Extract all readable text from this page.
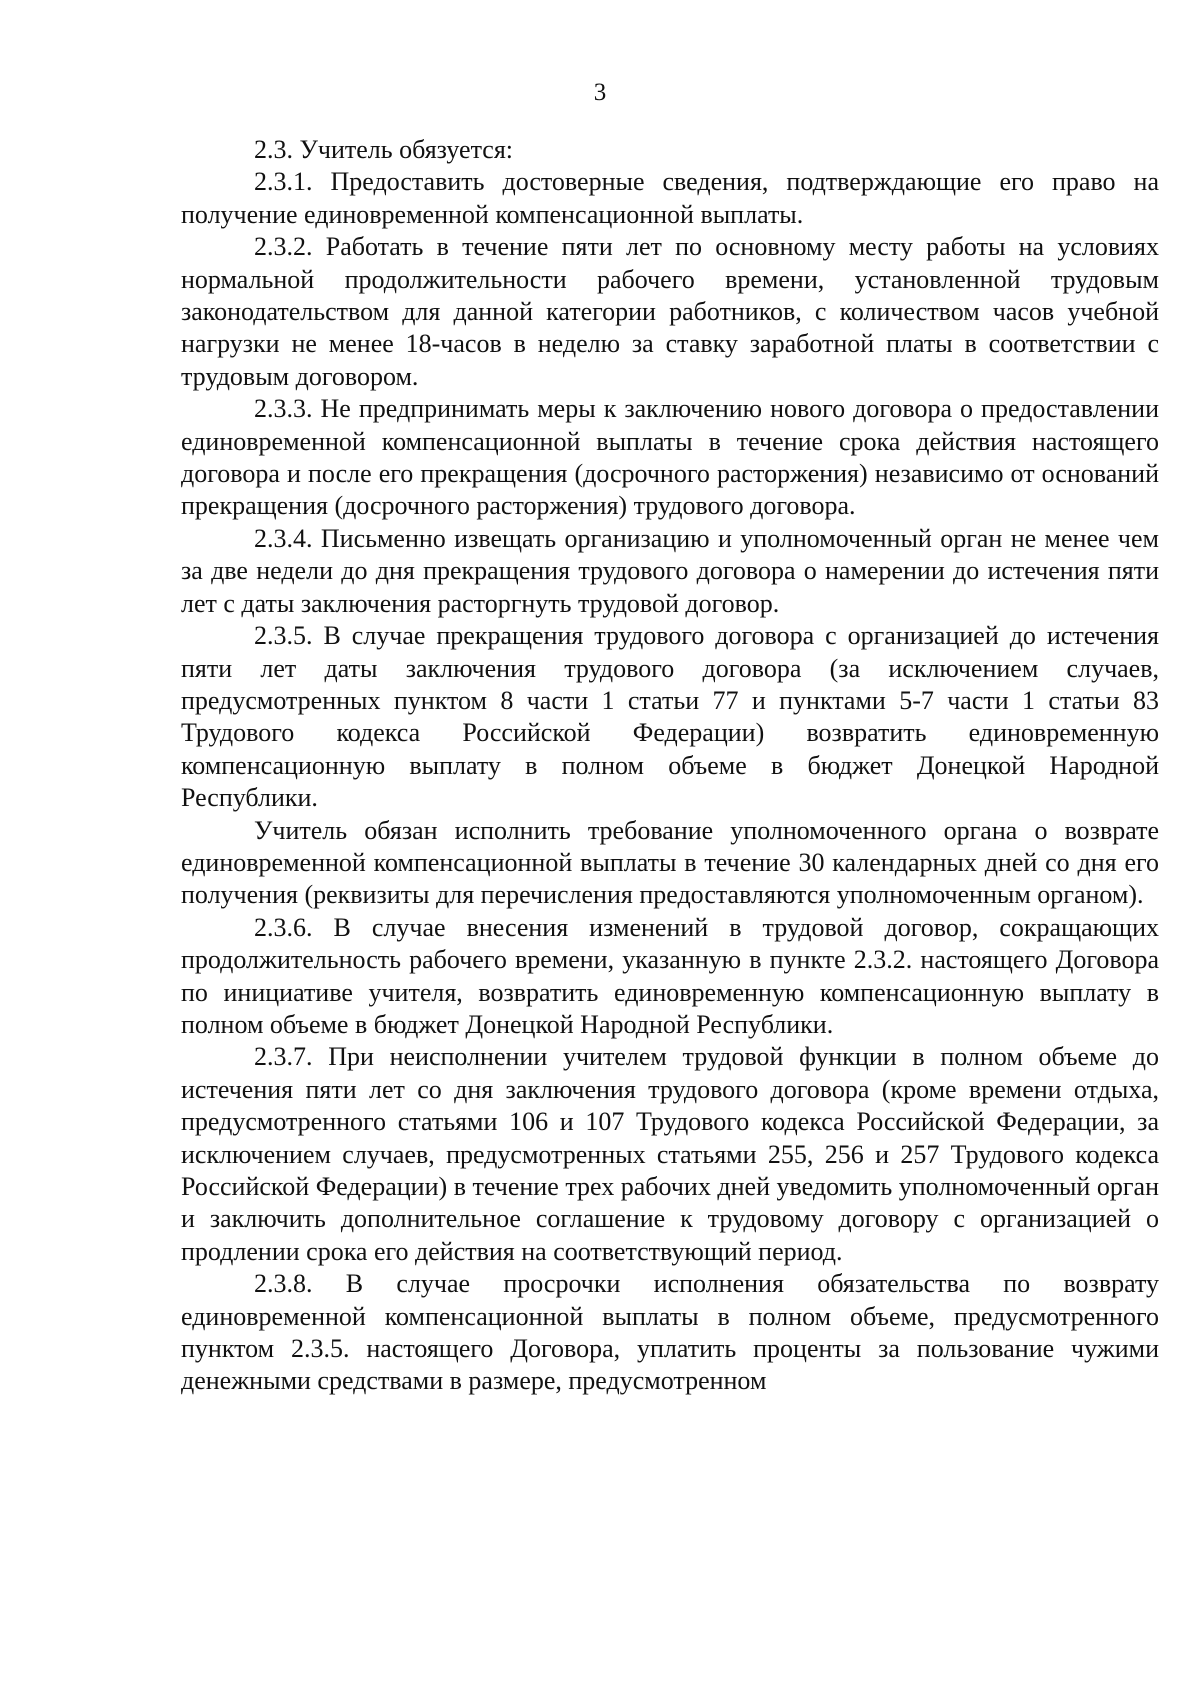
3

2.3. Учитель обязуется:

2.3.1. Предоставить достоверные сведения, подтверждающие его право на получение единовременной компенсационной выплаты.

2.3.2. Работать в течение пяти лет по основному месту работы на условиях нормальной продолжительности рабочего времени, установленной трудовым законодательством для данной категории работников, с количеством часов учебной нагрузки не менее 18-часов в неделю за ставку заработной платы в соответствии с трудовым договором.

2.3.3. Не предпринимать меры к заключению нового договора о предоставлении единовременной компенсационной выплаты в течение срока действия настоящего договора и после его прекращения (досрочного расторжения) независимо от оснований прекращения (досрочного расторжения) трудового договора.

2.3.4. Письменно извещать организацию и уполномоченный орган не менее чем за две недели до дня прекращения трудового договора о намерении до истечения пяти лет с даты заключения расторгнуть трудовой договор.

2.3.5. В случае прекращения трудового договора с организацией до истечения пяти лет даты заключения трудового договора (за исключением случаев, предусмотренных пунктом 8 части 1 статьи 77 и пунктами 5-7 части 1 статьи 83 Трудового кодекса Российской Федерации) возвратить единовременную компенсационную выплату в полном объеме в бюджет Донецкой Народной Республики.

Учитель обязан исполнить требование уполномоченного органа о возврате единовременной компенсационной выплаты в течение 30 календарных дней со дня его получения (реквизиты для перечисления предоставляются уполномоченным органом).

2.3.6. В случае внесения изменений в трудовой договор, сокращающих продолжительность рабочего времени, указанную в пункте 2.3.2. настоящего Договора по инициативе учителя, возвратить единовременную компенсационную выплату в полном объеме в бюджет Донецкой Народной Республики.

2.3.7. При неисполнении учителем трудовой функции в полном объеме до истечения пяти лет со дня заключения трудового договора (кроме времени отдыха, предусмотренного статьями 106 и 107 Трудового кодекса Российской Федерации, за исключением случаев, предусмотренных статьями 255, 256 и 257 Трудового кодекса Российской Федерации) в течение трех рабочих дней уведомить уполномоченный орган и заключить дополнительное соглашение к трудовому договору с организацией о продлении срока его действия на соответствующий период.

2.3.8. В случае просрочки исполнения обязательства по возврату единовременной компенсационной выплаты в полном объеме, предусмотренного пунктом 2.3.5. настоящего Договора, уплатить проценты за пользование чужими денежными средствами в размере, предусмотренном
